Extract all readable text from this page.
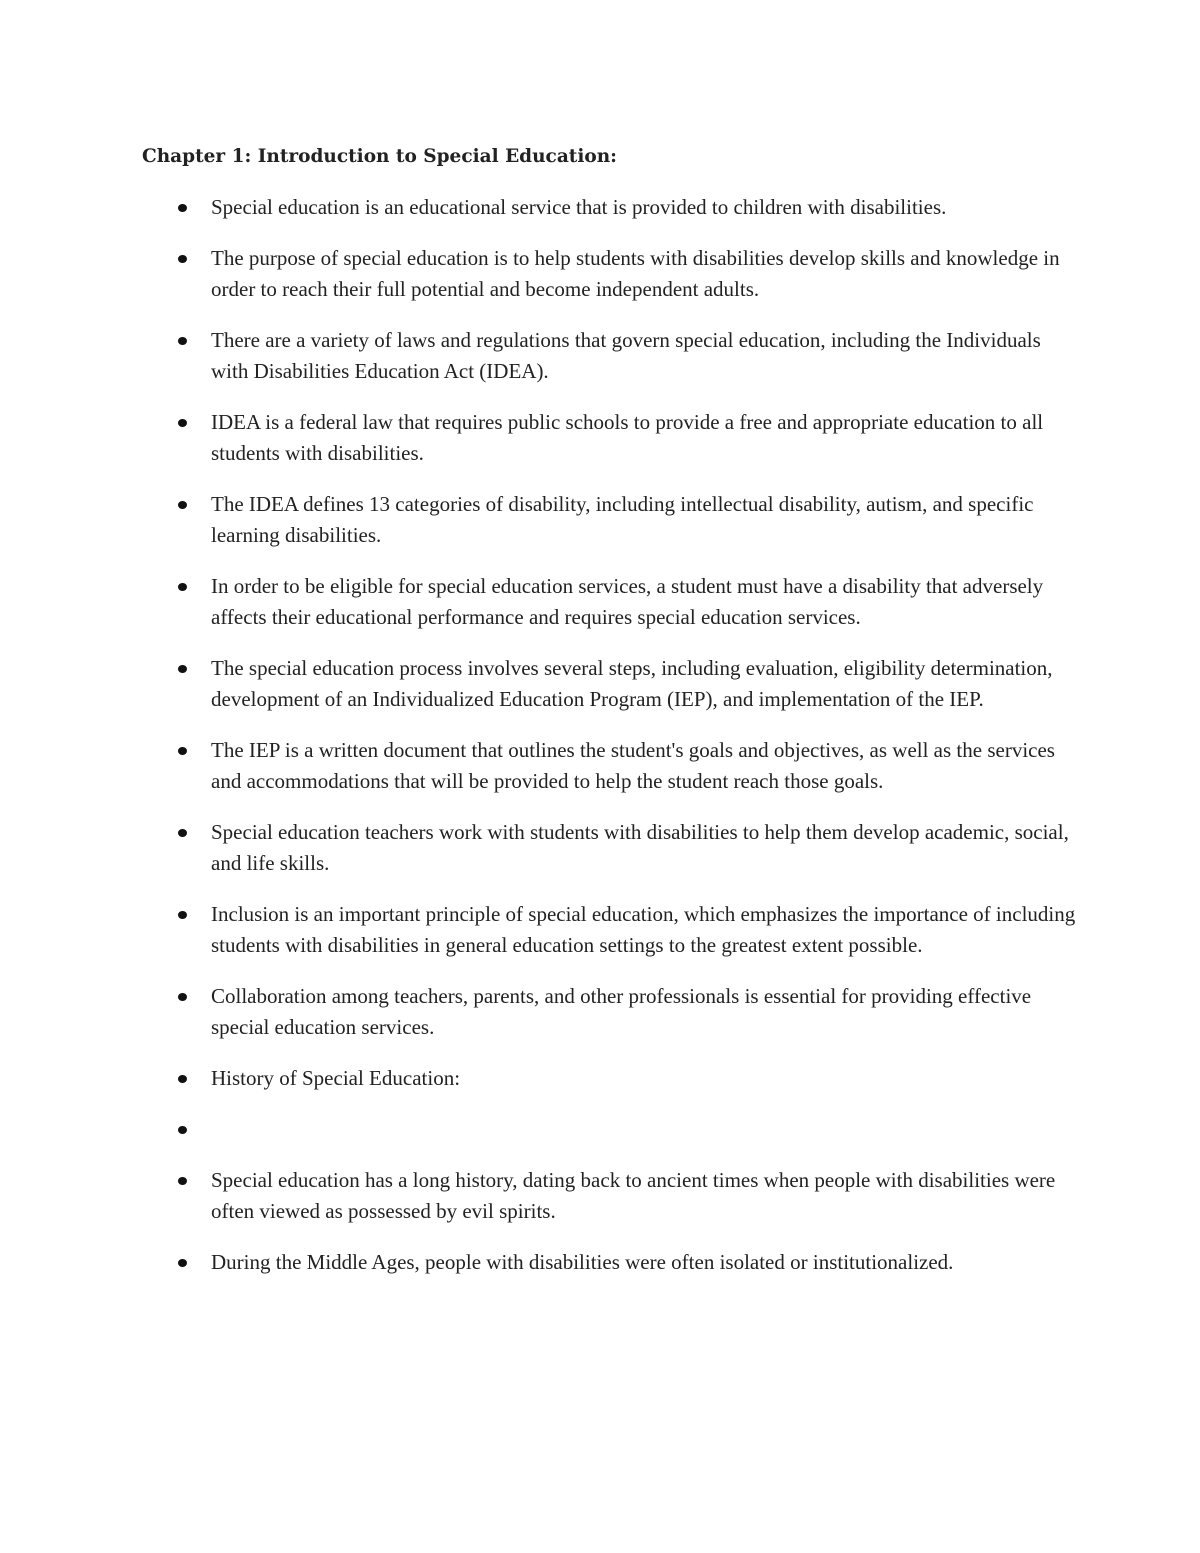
Chapter 1: Introduction to Special Education:
Special education is an educational service that is provided to children with disabilities.
The purpose of special education is to help students with disabilities develop skills and knowledge in order to reach their full potential and become independent adults.
There are a variety of laws and regulations that govern special education, including the Individuals with Disabilities Education Act (IDEA).
IDEA is a federal law that requires public schools to provide a free and appropriate education to all students with disabilities.
The IDEA defines 13 categories of disability, including intellectual disability, autism, and specific learning disabilities.
In order to be eligible for special education services, a student must have a disability that adversely affects their educational performance and requires special education services.
The special education process involves several steps, including evaluation, eligibility determination, development of an Individualized Education Program (IEP), and implementation of the IEP.
The IEP is a written document that outlines the student's goals and objectives, as well as the services and accommodations that will be provided to help the student reach those goals.
Special education teachers work with students with disabilities to help them develop academic, social, and life skills.
Inclusion is an important principle of special education, which emphasizes the importance of including students with disabilities in general education settings to the greatest extent possible.
Collaboration among teachers, parents, and other professionals is essential for providing effective special education services.
History of Special Education:
Special education has a long history, dating back to ancient times when people with disabilities were often viewed as possessed by evil spirits.
During the Middle Ages, people with disabilities were often isolated or institutionalized.
